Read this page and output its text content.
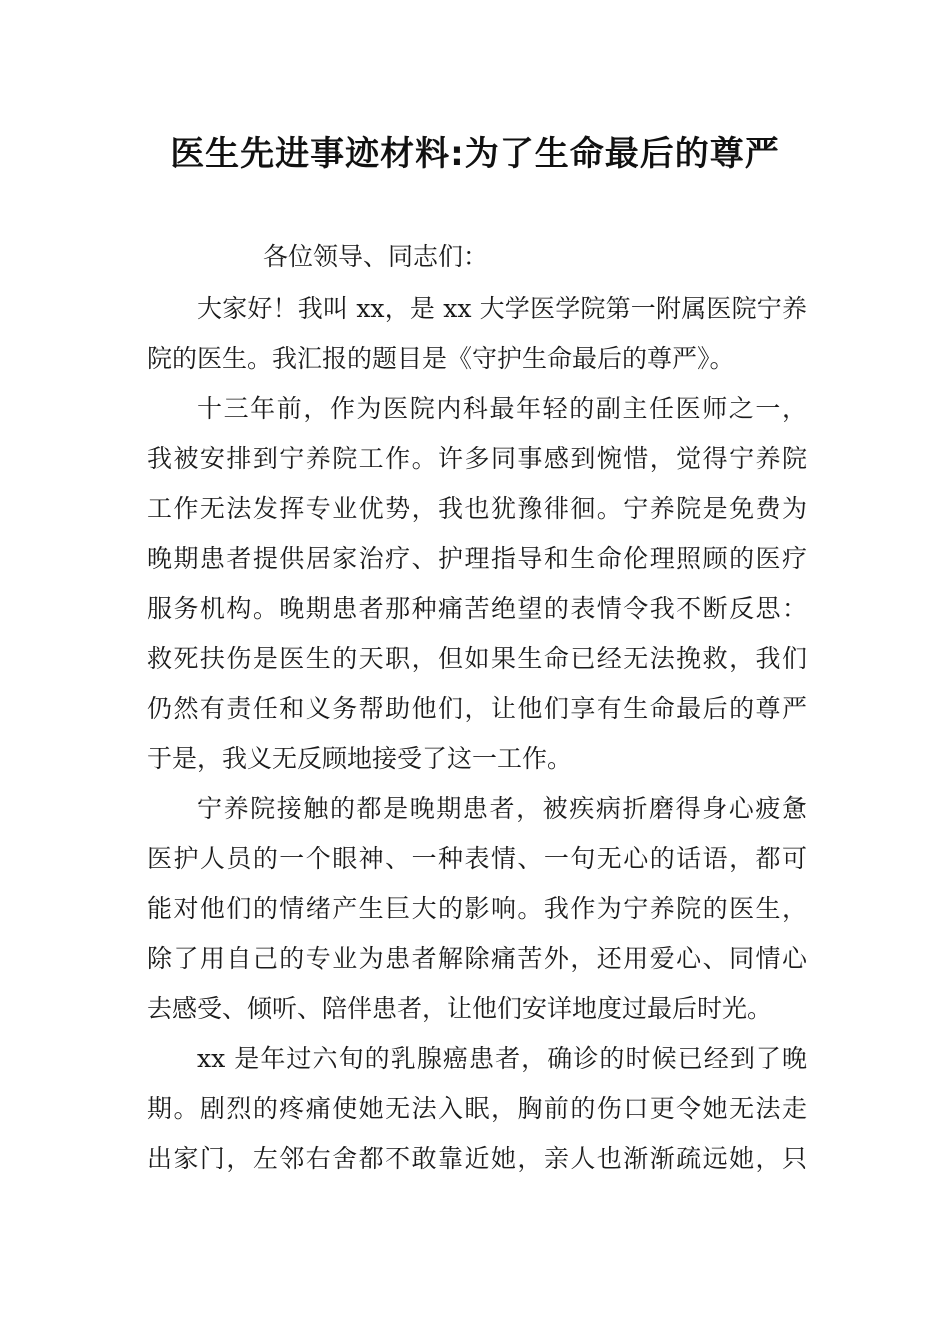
医生先进事迹材料:为了生命最后的尊严
各位领导、同志们：
大家好！我叫 xx，是 xx 大学医学院第一附属医院宁养
院的医生。我汇报的题目是《守护生命最后的尊严》。
十三年前，作为医院内科最年轻的副主任医师之一，
我被安排到宁养院工作。许多同事感到惋惜，觉得宁养院
工作无法发挥专业优势，我也犹豫徘徊。宁养院是免费为
晚期患者提供居家治疗、护理指导和生命伦理照顾的医疗
服务机构。晚期患者那种痛苦绝望的表情令我不断反思：
救死扶伤是医生的天职，但如果生命已经无法挽救，我们
仍然有责任和义务帮助他们，让他们享有生命最后的尊严
于是，我义无反顾地接受了这一工作。
宁养院接触的都是晚期患者，被疾病折磨得身心疲惫
医护人员的一个眼神、一种表情、一句无心的话语，都可
能对他们的情绪产生巨大的影响。我作为宁养院的医生，
除了用自己的专业为患者解除痛苦外，还用爱心、同情心
去感受、倾听、陪伴患者，让他们安详地度过最后时光。
xx 是年过六旬的乳腺癌患者，确诊的时候已经到了晚
期。剧烈的疼痛使她无法入眠，胸前的伤口更令她无法走
出家门，左邻右舍都不敢靠近她，亲人也渐渐疏远她，只
